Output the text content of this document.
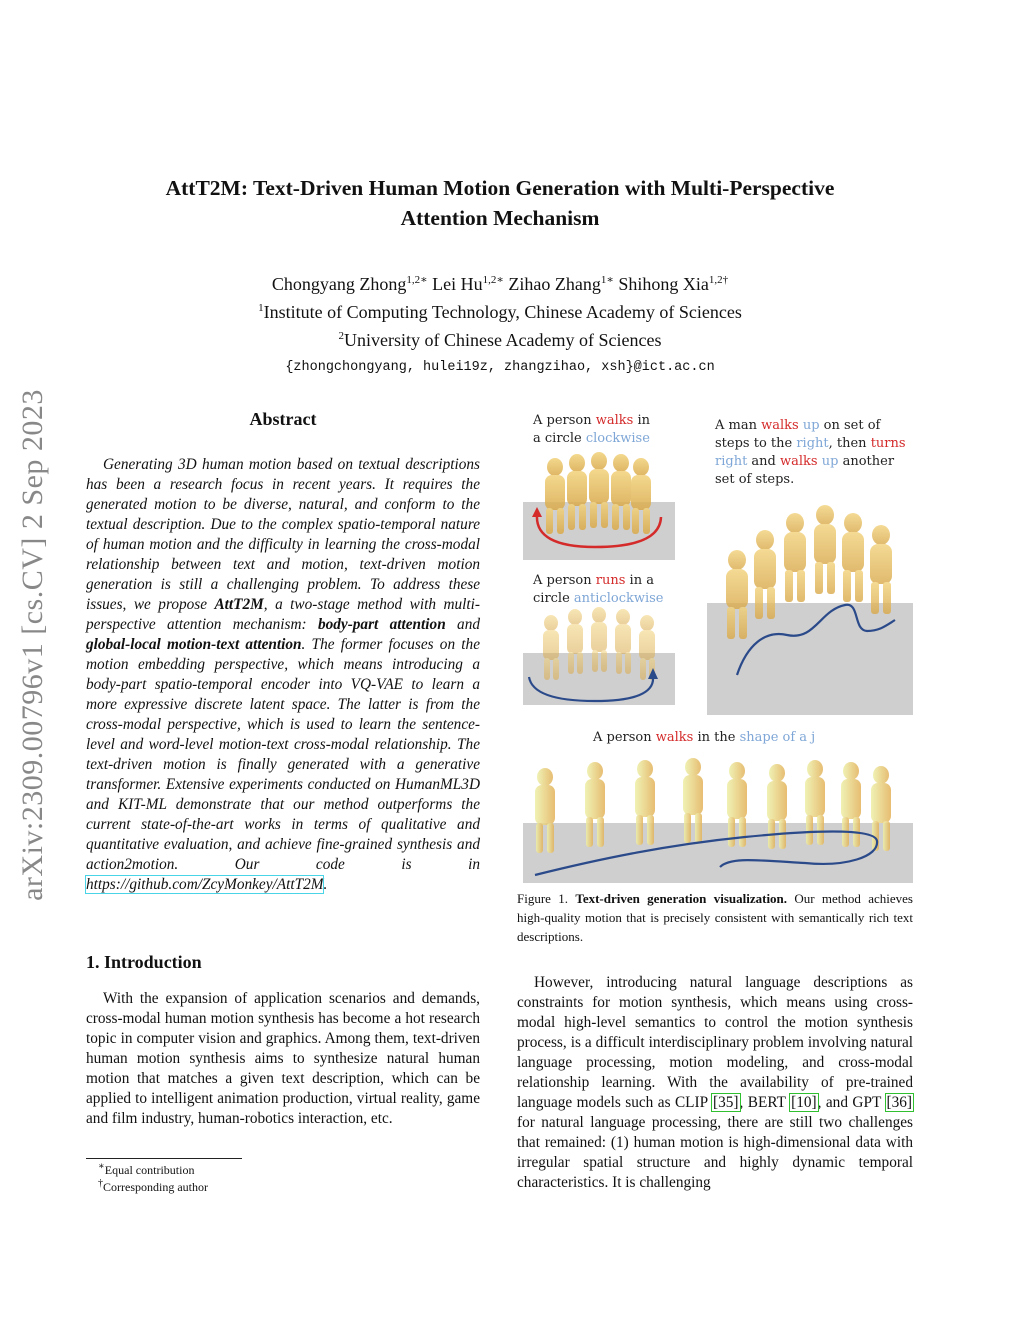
arXiv:2309.00796v1 [cs.CV] 2 Sep 2023
AttT2M: Text-Driven Human Motion Generation with Multi-Perspective
Attention Mechanism
Chongyang Zhong$^{1,2∗}$ Lei $Hu^{1,2∗}$ Zihao Zhang$^{1∗}$ Shihong Xia$^{1,2\dagger}$
$^1$Institute of Computing Technology, Chinese Academy of Sciences
$^2$University of Chinese Academy of Sciences
{zhongchongyang, hulei19z, zhangzihao, xsh}@ict.ac.cn
Abstract
Generating 3D human motion based on textual descriptions has been a research focus in recent years. It requires the generated motion to be diverse, natural, and conform to the textual description. Due to the complex spatio-temporal nature of human motion and the difficulty in learning the cross-modal relationship between text and motion, text-driven motion generation is still a challenging problem. To address these issues, we propose AttT2M, a two-stage method with multi-perspective attention mechanism: body-part attention and global-local motion-text attention. The former focuses on the motion embedding perspective, which means introducing a body-part spatio-temporal encoder into VQ-VAE to learn a more expressive discrete latent space. The latter is from the cross-modal perspective, which is used to learn the sentence-level and word-level motion-text cross-modal relationship. The text-driven motion is finally generated with a generative transformer. Extensive experiments conducted on HumanML3D and KIT-ML demonstrate that our method outperforms the current state-of-the-art works in terms of qualitative and quantitative evaluation, and achieve fine-grained synthesis and action2motion. Our code is in https://github.com/ZcyMonkey/AttT2M.
1. Introduction
With the expansion of application scenarios and demands, cross-modal human motion synthesis has become a hot research topic in computer vision and graphics. Among them, text-driven human motion synthesis aims to synthesize natural human motion that matches a given text description, which can be applied to intelligent animation production, virtual reality, game and film industry, human-robotics interaction, etc.
∗Equal contribution
†Corresponding author
A person walks in
a circle clockwise
A man walks up on set of
steps to the right, then turns
right and walks up another
set of steps.
A person runs in a
circle anticlockwise
A person walks in the shape of a j
Figure 1. Text-driven generation visualization. Our method achieves high-quality motion that is precisely consistent with semantically rich text descriptions.
However, introducing natural language descriptions as constraints for motion synthesis, which means using cross-modal high-level semantics to control the motion synthesis process, is a difficult interdisciplinary problem involving natural language processing, motion modeling, and cross-modal relationship learning. With the availability of pre-trained language models such as CLIP [35], BERT [10], and GPT [36] for natural language processing, there are still two challenges that remained: (1) human motion is high-dimensional data with irregular spatial structure and highly dynamic temporal characteristics. It is challenging
